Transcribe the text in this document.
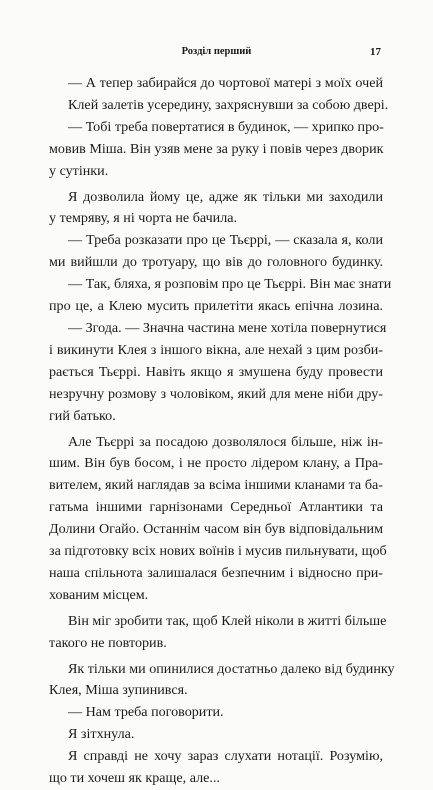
Розділ перший	17
— А тепер забирайся до чортової матері з моїх очей
Клей залетів усередину, захряснувши за собою двері.
— Тобі треба повертатися в будинок, — хрипко про-
мовив Міша. Він узяв мене за руку і повів через дворик
у сутінки.
Я дозволила йому це, адже як тільки ми заходили
у темряву, я ні чорта не бачила.
— Треба розказати про це Тьєррі, — сказала я, коли
ми вийшли до тротуару, що вів до головного будинку.
— Так, бляха, я розповім про це Тьєррі. Він має знати
про це, а Клею мусить прилетіти якась епічна лозина.
— Згода. — Значна частина мене хотіла повернутися
і викинути Клея з іншого вікна, але нехай з цим розби-
рається Тьєррі. Навіть якщо я змушена буду провести
незручну розмову з чоловіком, який для мене ніби дру-
гий батько.
Але Тьєррі за посадою дозволялося більше, ніж ін-
шим. Він був босом, і не просто лідером клану, а Пра-
вителем, який наглядав за всіма іншими кланами та ба-
гатьма іншими гарнізонами Середньої Атлантики та
Долини Огайо. Останнім часом він був відповідальним
за підготовку всіх нових воїнів і мусив пильнувати, щоб
наша спільнота залишалася безпечним і відносно при-
хованим місцем.
Він міг зробити так, щоб Клей ніколи в житті більше
такого не повторив.
Як тільки ми опинилися достатньо далеко від будинку
Клея, Міша зупинився.
— Нам треба поговорити.
Я зітхнула.
Я справді не хочу зараз слухати нотації. Розумію,
що ти хочеш як краще, але...
